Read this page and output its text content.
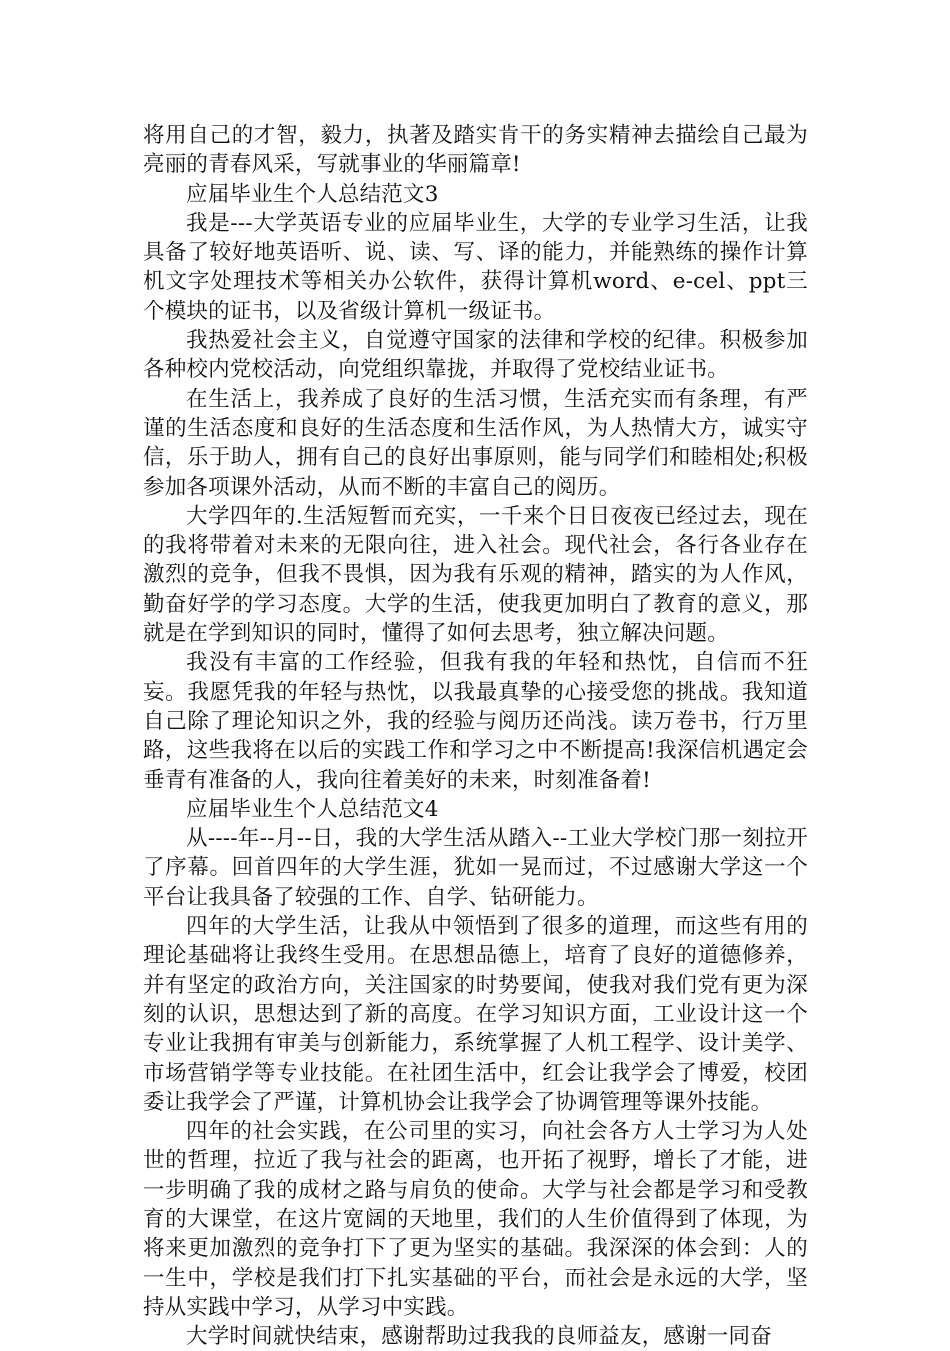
将用自己的才智，毅力，执著及踏实肯干的务实精神去描绘自己最为亮丽的青春风采，写就事业的华丽篇章!

应届毕业生个人总结范文3

我是---大学英语专业的应届毕业生，大学的专业学习生活，让我具备了较好地英语听、说、读、写、译的能力，并能熟练的操作计算机文字处理技术等相关办公软件，获得计算机word、e-cel、ppt三个模块的证书，以及省级计算机一级证书。

我热爱社会主义，自觉遵守国家的法律和学校的纪律。积极参加各种校内党校活动，向党组织靠拢，并取得了党校结业证书。

在生活上，我养成了良好的生活习惯，生活充实而有条理，有严谨的生活态度和良好的生活态度和生活作风，为人热情大方，诚实守信，乐于助人，拥有自己的良好出事原则，能与同学们和睦相处;积极参加各项课外活动，从而不断的丰富自己的阅历。

大学四年的.生活短暂而充实，一千来个日日夜夜已经过去，现在的我将带着对未来的无限向往，进入社会。现代社会，各行各业存在激烈的竞争，但我不畏惧，因为我有乐观的精神，踏实的为人作风，勤奋好学的学习态度。大学的生活，使我更加明白了教育的意义，那就是在学到知识的同时，懂得了如何去思考，独立解决问题。

我没有丰富的工作经验，但我有我的年轻和热忱，自信而不狂妄。我愿凭我的年轻与热忱，以我最真挚的心接受您的挑战。我知道自己除了理论知识之外，我的经验与阅历还尚浅。读万卷书，行万里路，这些我将在以后的实践工作和学习之中不断提高!我深信机遇定会垂青有准备的人，我向往着美好的未来，时刻准备着!

应届毕业生个人总结范文4

从----年--月--日，我的大学生活从踏入--工业大学校门那一刻拉开了序幕。回首四年的大学生涯，犹如一晃而过，不过感谢大学这一个平台让我具备了较强的工作、自学、钻研能力。

四年的大学生活，让我从中领悟到了很多的道理，而这些有用的理论基础将让我终生受用。在思想品德上，培育了良好的道德修养，并有坚定的政治方向，关注国家的时势要闻，使我对我们党有更为深刻的认识，思想达到了新的高度。在学习知识方面，工业设计这一个专业让我拥有审美与创新能力，系统掌握了人机工程学、设计美学、市场营销学等专业技能。在社团生活中，红会让我学会了博爱，校团委让我学会了严谨，计算机协会让我学会了协调管理等课外技能。

四年的社会实践，在公司里的实习，向社会各方人士学习为人处世的哲理，拉近了我与社会的距离，也开拓了视野，增长了才能，进一步明确了我的成材之路与肩负的使命。大学与社会都是学习和受教育的大课堂，在这片宽阔的天地里，我们的人生价值得到了体现，为将来更加激烈的竞争打下了更为坚实的基础。我深深的体会到：人的一生中，学校是我们打下扎实基础的平台，而社会是永远的大学，坚持从实践中学习，从学习中实践。

大学时间就快结束，感谢帮助过我我的良师益友，感谢一同奋
